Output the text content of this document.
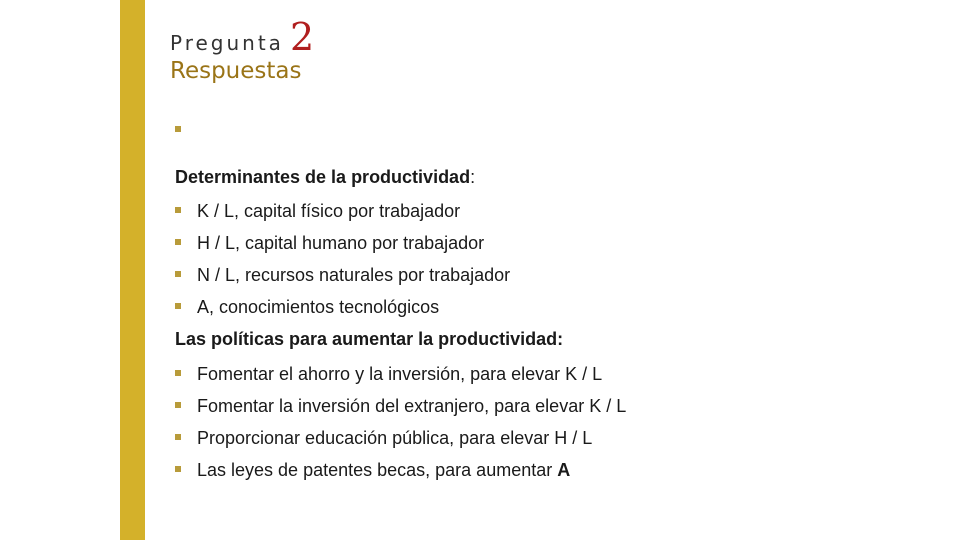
Pregunta 2
Respuestas
Determinantes de la productividad:
K / L, capital físico por trabajador
H / L, capital humano por trabajador
N / L, recursos naturales por trabajador
A, conocimientos tecnológicos
Las políticas para aumentar la productividad:
Fomentar el ahorro y la inversión, para elevar K / L
Fomentar la inversión del extranjero, para elevar K / L
Proporcionar educación pública, para elevar H / L
Las leyes de patentes becas, para aumentar A
